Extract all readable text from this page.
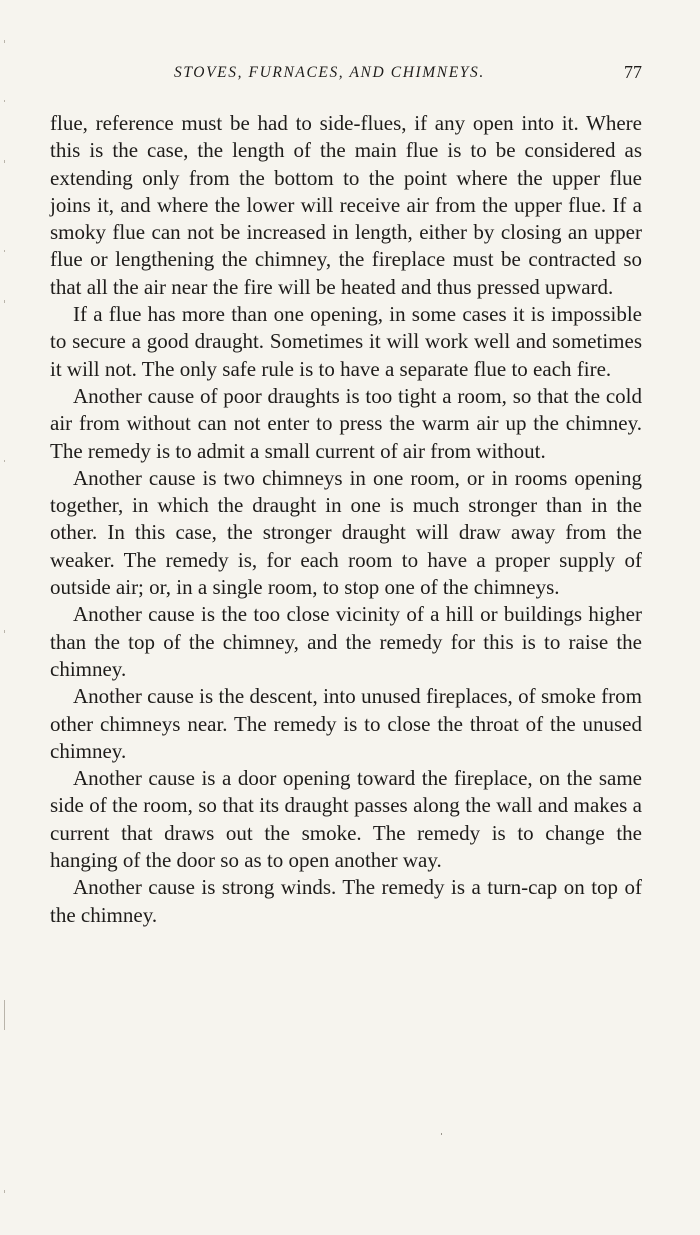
STOVES, FURNACES, AND CHIMNEYS.	77

flue, reference must be had to side-flues, if any open into it. Where this is the case, the length of the main flue is to be considered as extending only from the bottom to the point where the upper flue joins it, and where the lower will receive air from the upper flue. If a smoky flue can not be increased in length, either by closing an upper flue or lengthening the chimney, the fireplace must be contracted so that all the air near the fire will be heated and thus pressed upward.

If a flue has more than one opening, in some cases it is impossible to secure a good draught. Sometimes it will work well and sometimes it will not. The only safe rule is to have a separate flue to each fire.

Another cause of poor draughts is too tight a room, so that the cold air from without can not enter to press the warm air up the chimney. The remedy is to admit a small current of air from without.

Another cause is two chimneys in one room, or in rooms opening together, in which the draught in one is much stronger than in the other. In this case, the stronger draught will draw away from the weaker. The remedy is, for each room to have a proper supply of outside air; or, in a single room, to stop one of the chimneys.

Another cause is the too close vicinity of a hill or buildings higher than the top of the chimney, and the remedy for this is to raise the chimney.

Another cause is the descent, into unused fireplaces, of smoke from other chimneys near. The remedy is to close the throat of the unused chimney.

Another cause is a door opening toward the fireplace, on the same side of the room, so that its draught passes along the wall and makes a current that draws out the smoke. The remedy is to change the hanging of the door so as to open another way.

Another cause is strong winds. The remedy is a turn-cap on top of the chimney.
